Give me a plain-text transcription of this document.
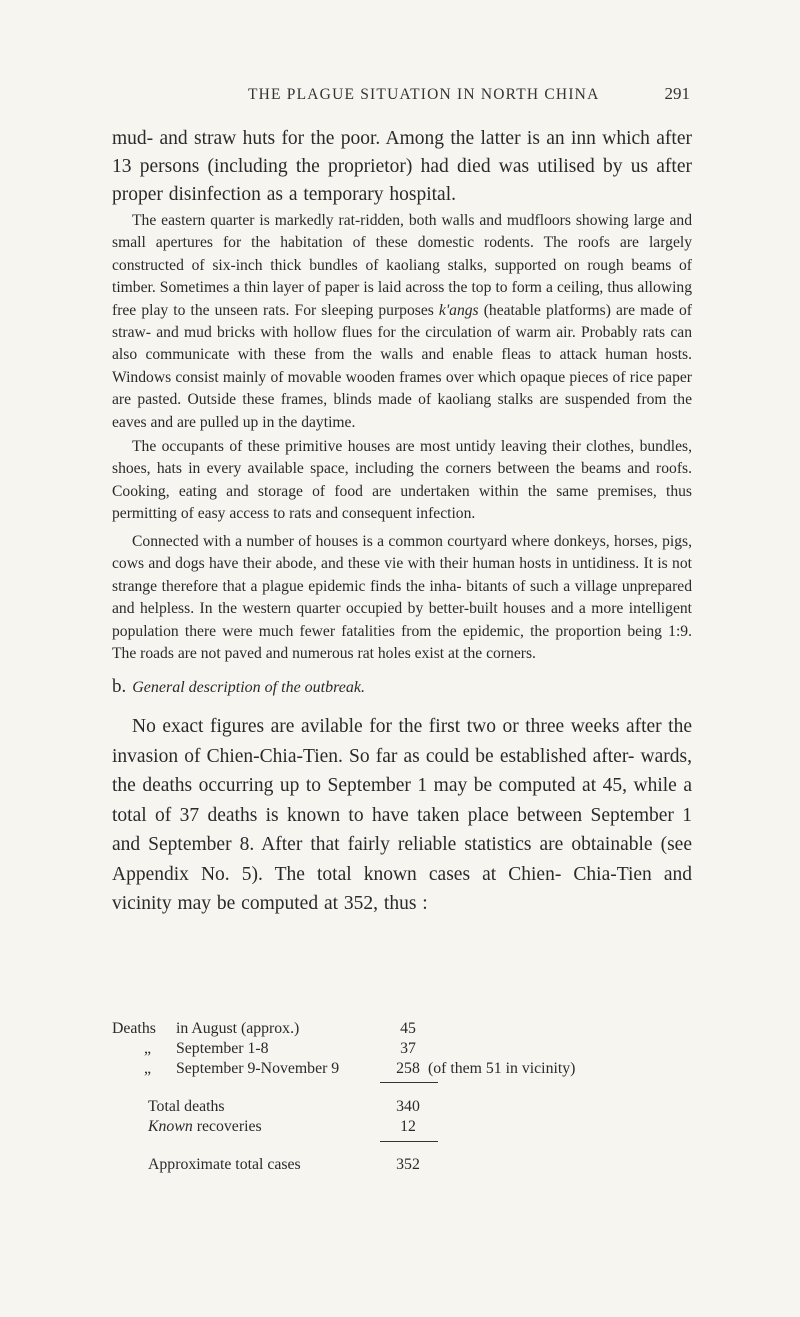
THE PLAGUE SITUATION IN NORTH CHINA	291

mud- and straw huts for the poor. Among the latter is an inn which after 13 persons (including the proprietor) had died was utilised by us after proper disinfection as a temporary hospital.

The eastern quarter is markedly rat-ridden, both walls and mudfloors showing large and small apertures for the habitation of these domestic rodents. The roofs are largely constructed of six-inch thick bundles of kaoliang stalks, supported on rough beams of timber. Sometimes a thin layer of paper is laid across the top to form a ceiling, thus allowing free play to the unseen rats. For sleeping purposes k'angs (heatable platforms) are made of straw- and mud bricks with hollow flues for the circulation of warm air. Probably rats can also communicate with these from the walls and enable fleas to attack human hosts. Windows consist mainly of movable wooden frames over which opaque pieces of rice paper are pasted. Outside these frames, blinds made of kaoliang stalks are suspended from the eaves and are pulled up in the daytime.

The occupants of these primitive houses are most untidy leaving their clothes, bundles, shoes, hats in every available space, including the corners between the beams and roofs. Cooking, eating and storage of food are undertaken within the same premises, thus permitting of easy access to rats and consequent infection.

Connected with a number of houses is a common courtyard where donkeys, horses, pigs, cows and dogs have their abode, and these vie with their human hosts in untidiness. It is not strange therefore that a plague epidemic finds the inha- bitants of such a village unprepared and helpless. In the western quarter occupied by better-built houses and a more intelligent population there were much fewer fatalities from the epidemic, the proportion being 1:9. The roads are not paved and numerous rat holes exist at the corners.

b. General description of the outbreak.

No exact figures are avilable for the first two or three weeks after the invasion of Chien-Chia-Tien. So far as could be established after- wards, the deaths occurring up to September 1 may be computed at 45, while a total of 37 deaths is known to have taken place between September 1 and September 8. After that fairly reliable statistics are obtainable (see Appendix No. 5). The total known cases at Chien- Chia-Tien and vicinity may be computed at 352, thus :

Deaths in August (approx.)	45
„ September 1-8	37
„ September 9-November 9	258 (of them 51 in vicinity)
Total deaths	340
Known recoveries	12
Approximate total cases	352
